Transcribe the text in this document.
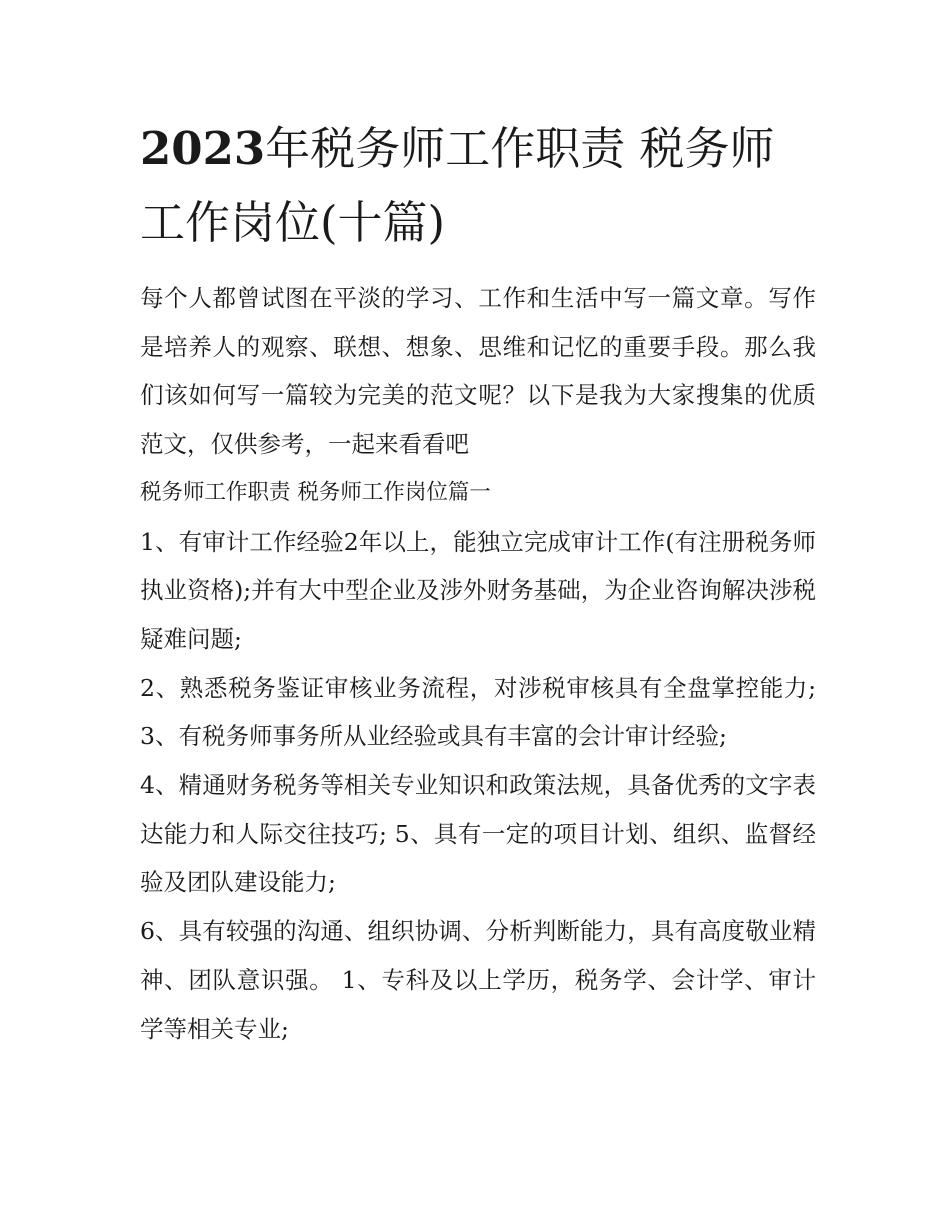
2023年税务师工作职责 税务师工作岗位(十篇)

每个人都曾试图在平淡的学习、工作和生活中写一篇文章。写作是培养人的观察、联想、想象、思维和记忆的重要手段。那么我们该如何写一篇较为完美的范文呢？以下是我为大家搜集的优质范文，仅供参考，一起来看看吧

税务师工作职责 税务师工作岗位篇一

1、有审计工作经验2年以上，能独立完成审计工作(有注册税务师执业资格);并有大中型企业及涉外财务基础，为企业咨询解决涉税疑难问题;

2、熟悉税务鉴证审核业务流程，对涉税审核具有全盘掌控能力; 3、有税务师事务所从业经验或具有丰富的会计审计经验;

4、精通财务税务等相关专业知识和政策法规，具备优秀的文字表达能力和人际交往技巧; 5、具有一定的项目计划、组织、监督经验及团队建设能力;

6、具有较强的沟通、组织协调、分析判断能力，具有高度敬业精神、团队意识强。 1、专科及以上学历，税务学、会计学、审计学等相关专业;
